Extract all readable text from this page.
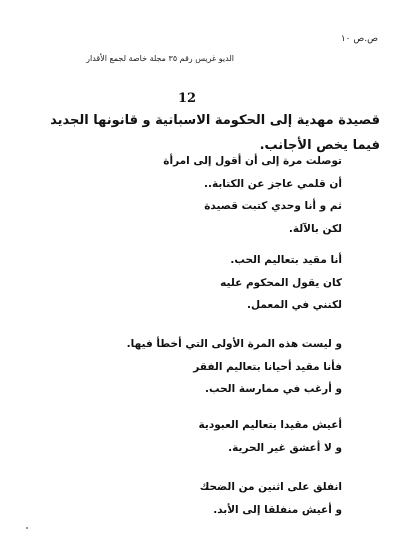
ص.ص ١٠
الديو غريس رقم ٣٥ مجلة خاصة لجمع الأقدار
12
قصيدة مهدية إلى الحكومة الاسبانية و قانونها الجديد فيما يخص الأجانب.
توصلت مرة إلى أن أقول إلى امرأة
أن قلمي عاجز عن الكتابة..
ثم و أنا وحدي كتبت قصيدة
لكن بالآلة.
أنا مقيد بتعاليم الحب.
كان يقول المحكوم عليه
لكنني في المعمل.
و ليست هذه المرة الأولى التي أخطأ فيها.
فأنا مقيد أحيانا بتعاليم الفقر
و أرغب في ممارسة الحب.
أعيش مقيدا بتعاليم العبودية
و لا أعشق غير الحرية.
انفلق على اثنين من الضحك
و أعيش منفلقا إلى الأبد.
